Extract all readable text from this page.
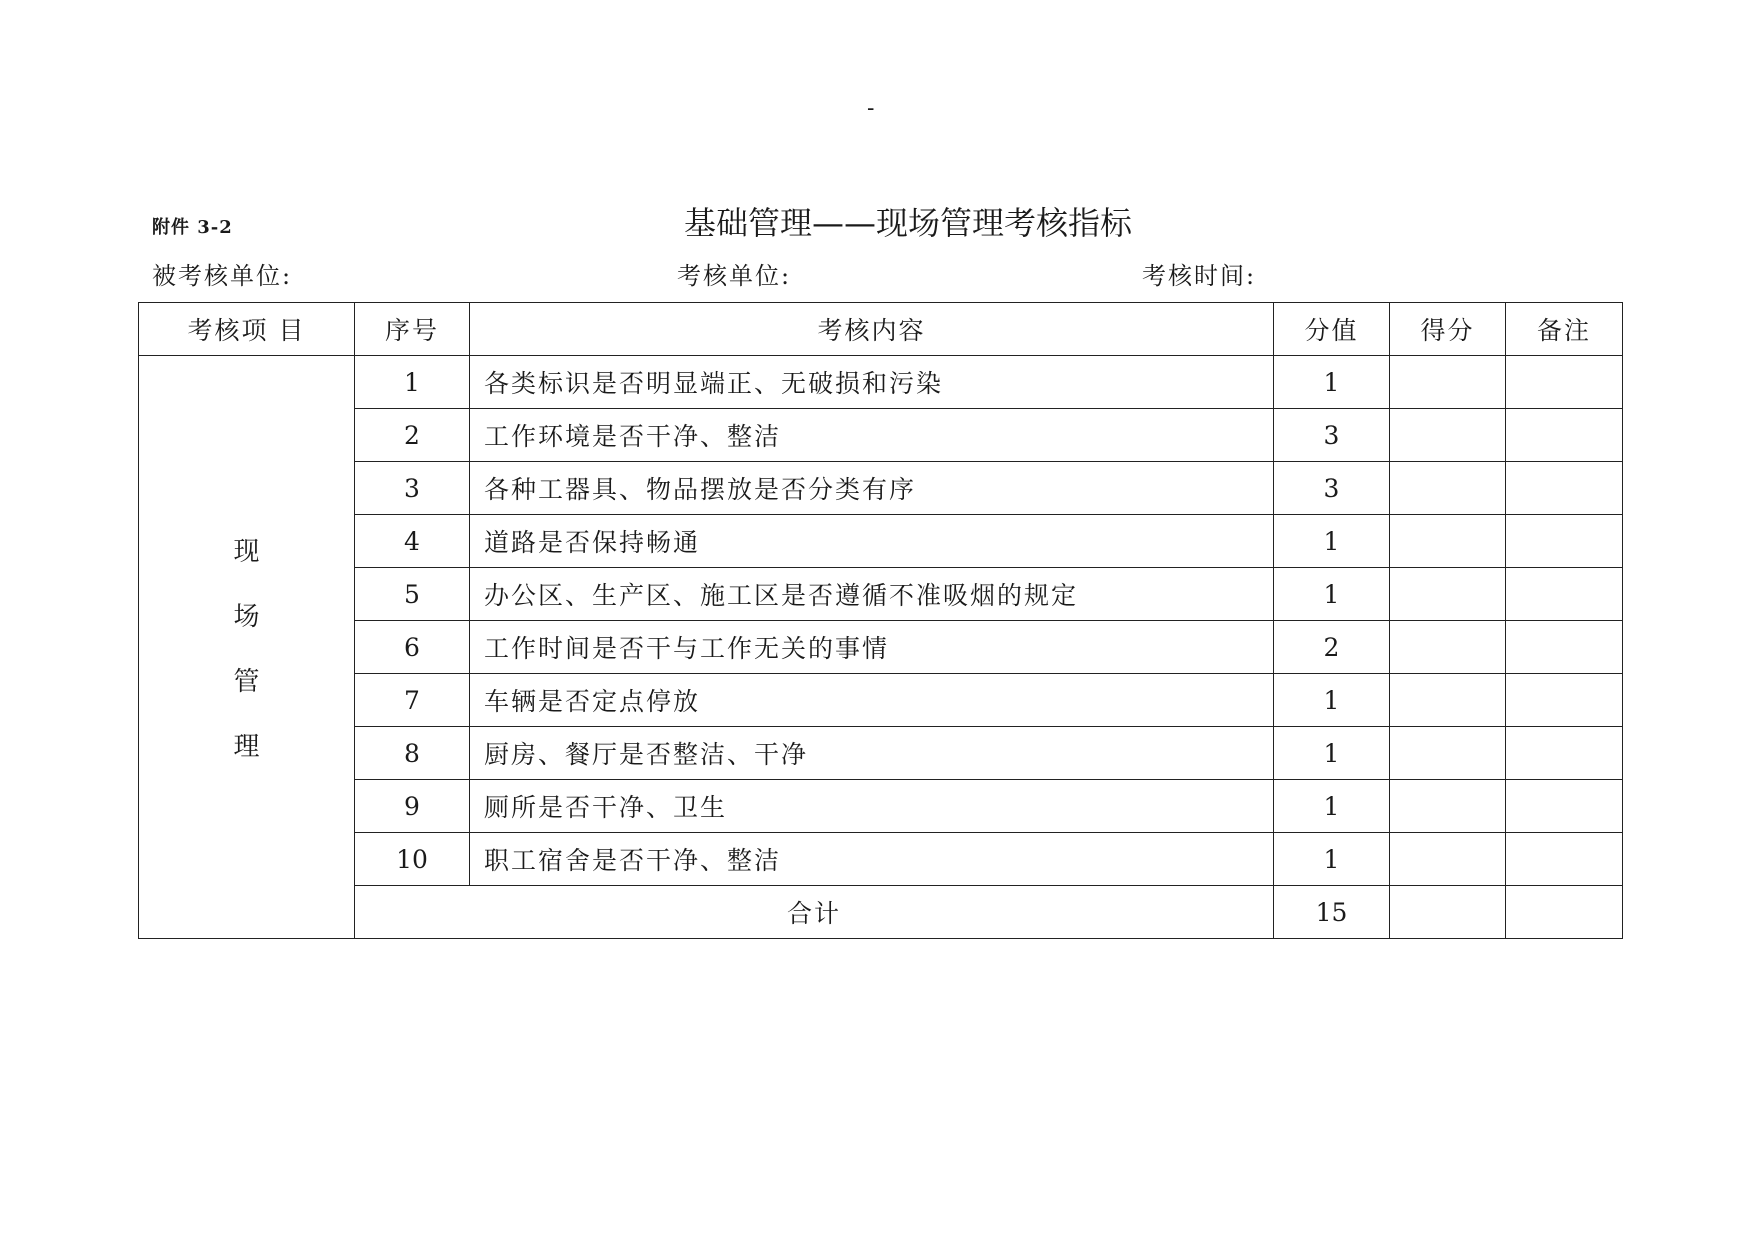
-
附件 3-2	基础管理——现场管理考核指标
被考核单位:	考核单位:	考核时间:
考核项 目	序号	考核内容	分值	得分	备注

现
场
管
理	1	各类标识是否明显端正、无破损和污染	1		
	2	工作环境是否干净、整洁	3		
	3	各种工器具、物品摆放是否分类有序	3		
	4	道路是否保持畅通	1		
	5	办公区、生产区、施工区是否遵循不准吸烟的规定	1		
	6	工作时间是否干与工作无关的事情	2		
	7	车辆是否定点停放	1		
	8	厨房、餐厅是否整洁、干净	1		
	9	厕所是否干净、卫生	1		
	10	职工宿舍是否干净、整洁	1		
	合计		15		
